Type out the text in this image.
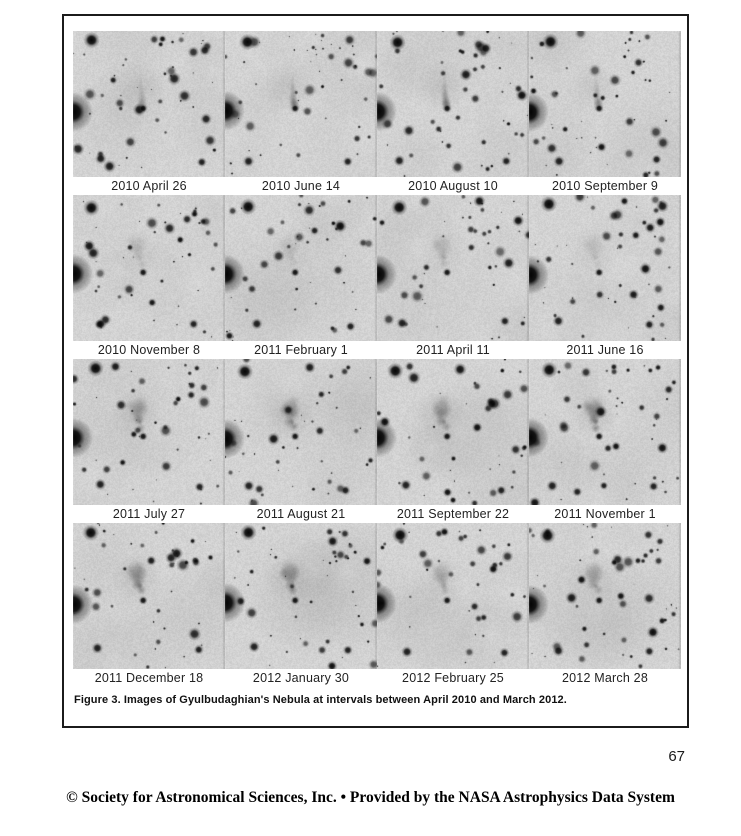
2010 April 26	2010 June 14	2010 August 10	2010 September 9
2010 November 8	2011 February 1	2011 April 11	2011 June 16
2011 July 27	2011 August 21	2011 September 22	2011 November 1
2011 December 18	2012 January 30	2012 February 25	2012 March 28
Figure 3. Images of Gyulbudaghian's Nebula at intervals between April 2010 and March 2012.
67
© Society for Astronomical Sciences, Inc. • Provided by the NASA Astrophysics Data System
